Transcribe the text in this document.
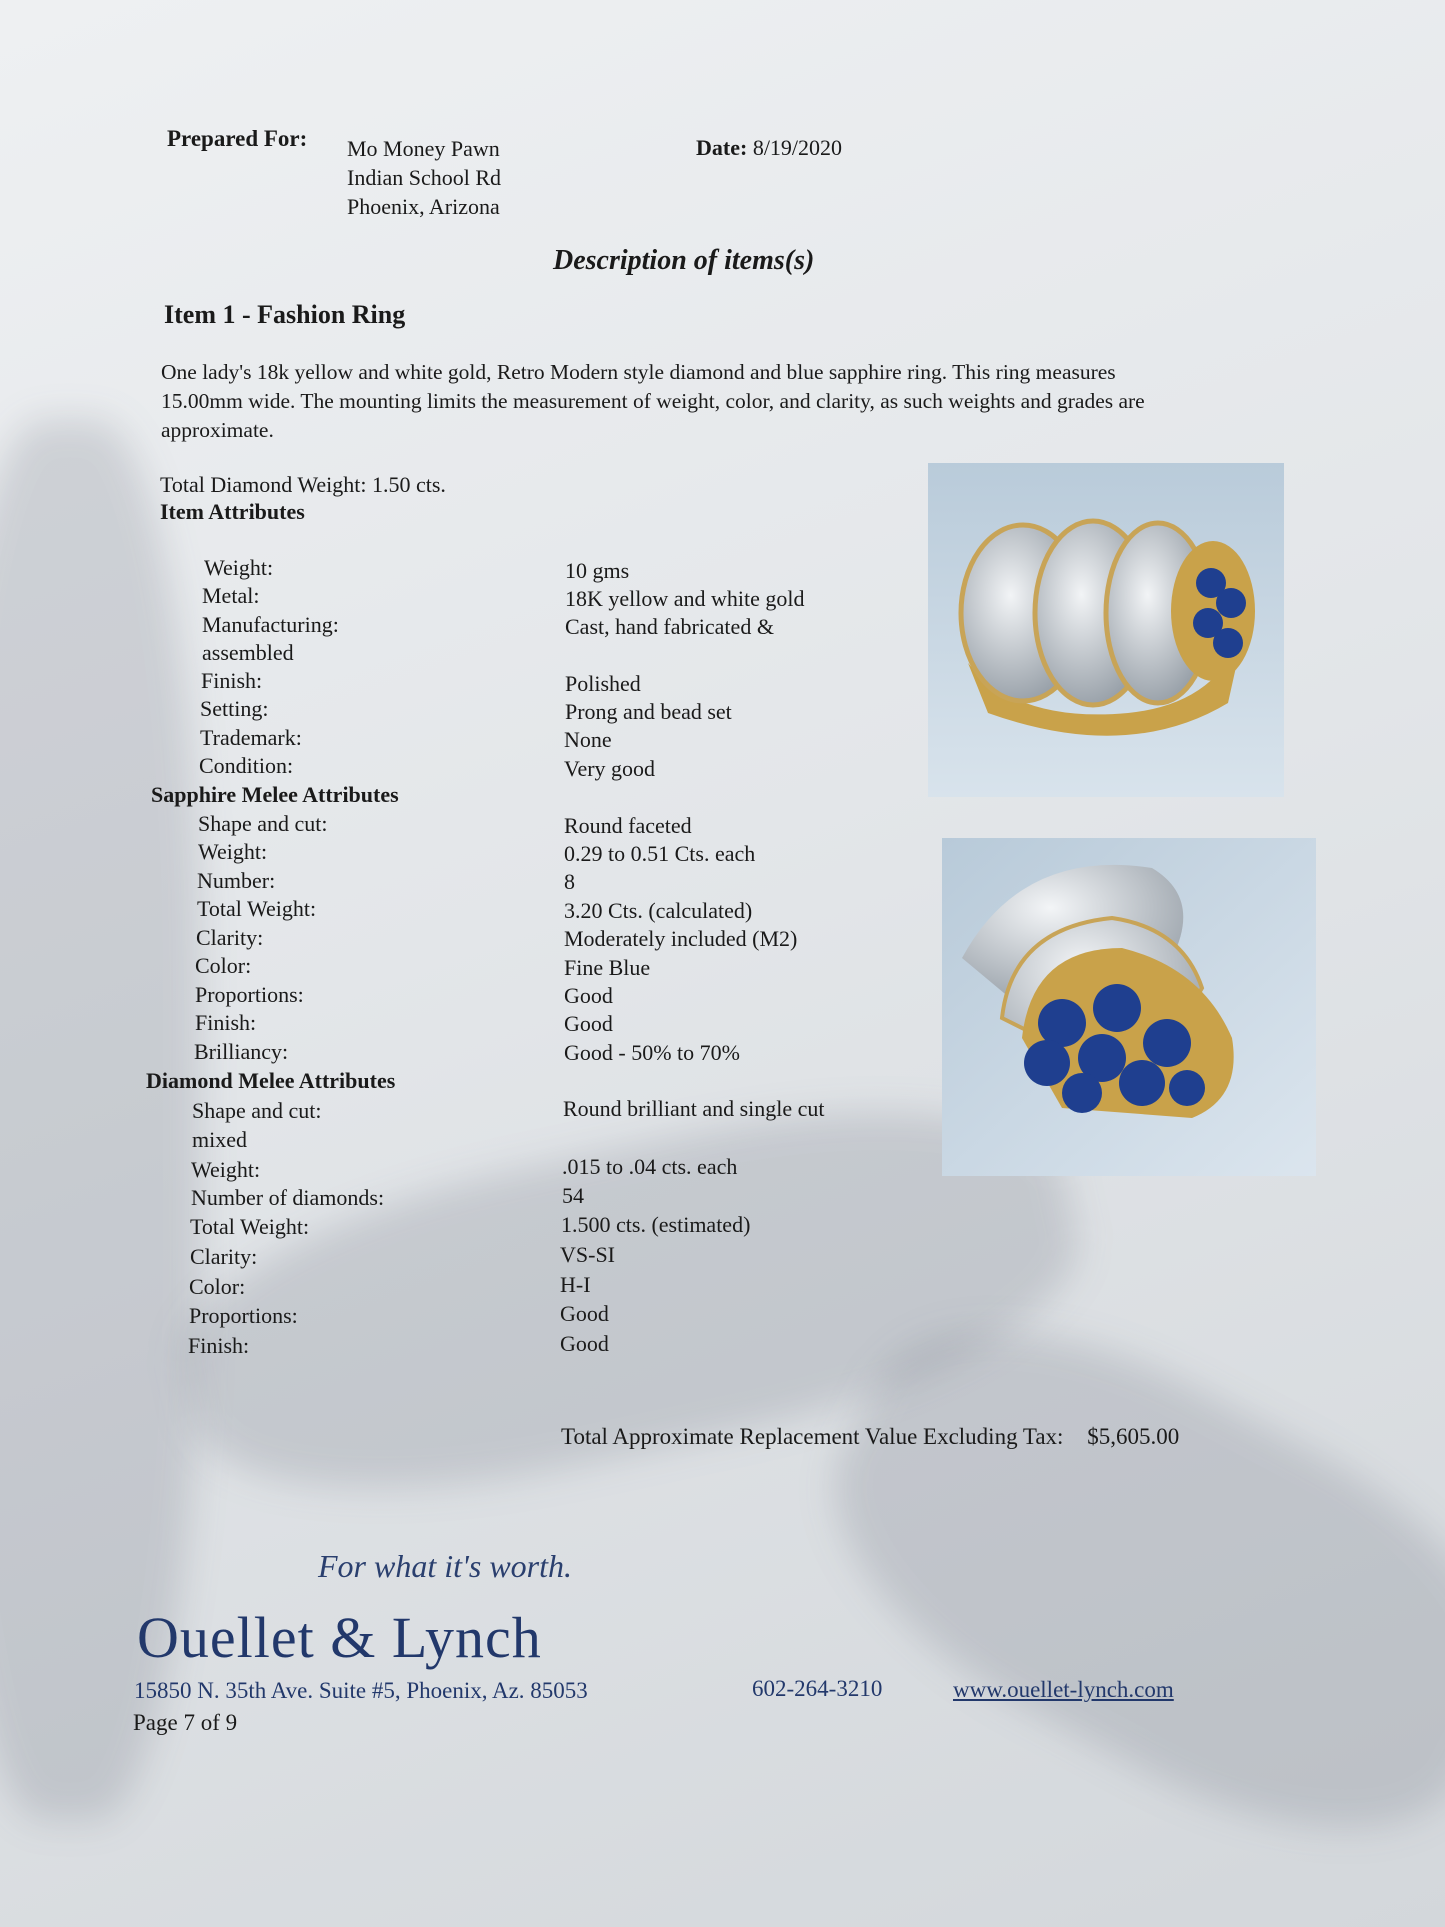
Prepared For: Mo Money Pawn
Indian School Rd
Phoenix, Arizona
Date: 8/19/2020
Description of items(s)
Item 1 - Fashion Ring
One lady's 18k yellow and white gold, Retro Modern style diamond and blue sapphire ring. This ring measures 15.00mm wide. The mounting limits the measurement of weight, color, and clarity, as such weights and grades are approximate.
Total Diamond Weight: 1.50 cts.
Item Attributes
Weight:	10 gms
Metal:	18K yellow and white gold
Manufacturing:	Cast, hand fabricated &
assembled
Finish:	Polished
Setting:	Prong and bead set
Trademark:	None
Condition:	Very good
Sapphire Melee Attributes
Shape and cut:	Round faceted
Weight:	0.29 to 0.51 Cts. each
Number:	8
Total Weight:	3.20 Cts. (calculated)
Clarity:	Moderately included (M2)
Color:	Fine Blue
Proportions:	Good
Finish:	Good
Brilliancy:	Good - 50% to 70%
Diamond Melee Attributes
Shape and cut:	Round brilliant and single cut
mixed
Weight:	.015 to .04 cts. each
Number of diamonds:	54
Total Weight:	1.500 cts. (estimated)
Clarity:	VS-SI
Color:	H-I
Proportions:	Good
Finish:	Good
Total Approximate Replacement Value Excluding Tax: $5,605.00
For what it's worth.
Ouellet & Lynch
15850 N. 35th Ave. Suite #5, Phoenix, Az. 85053	602-264-3210	www.ouellet-lynch.com
Page 7 of 9
